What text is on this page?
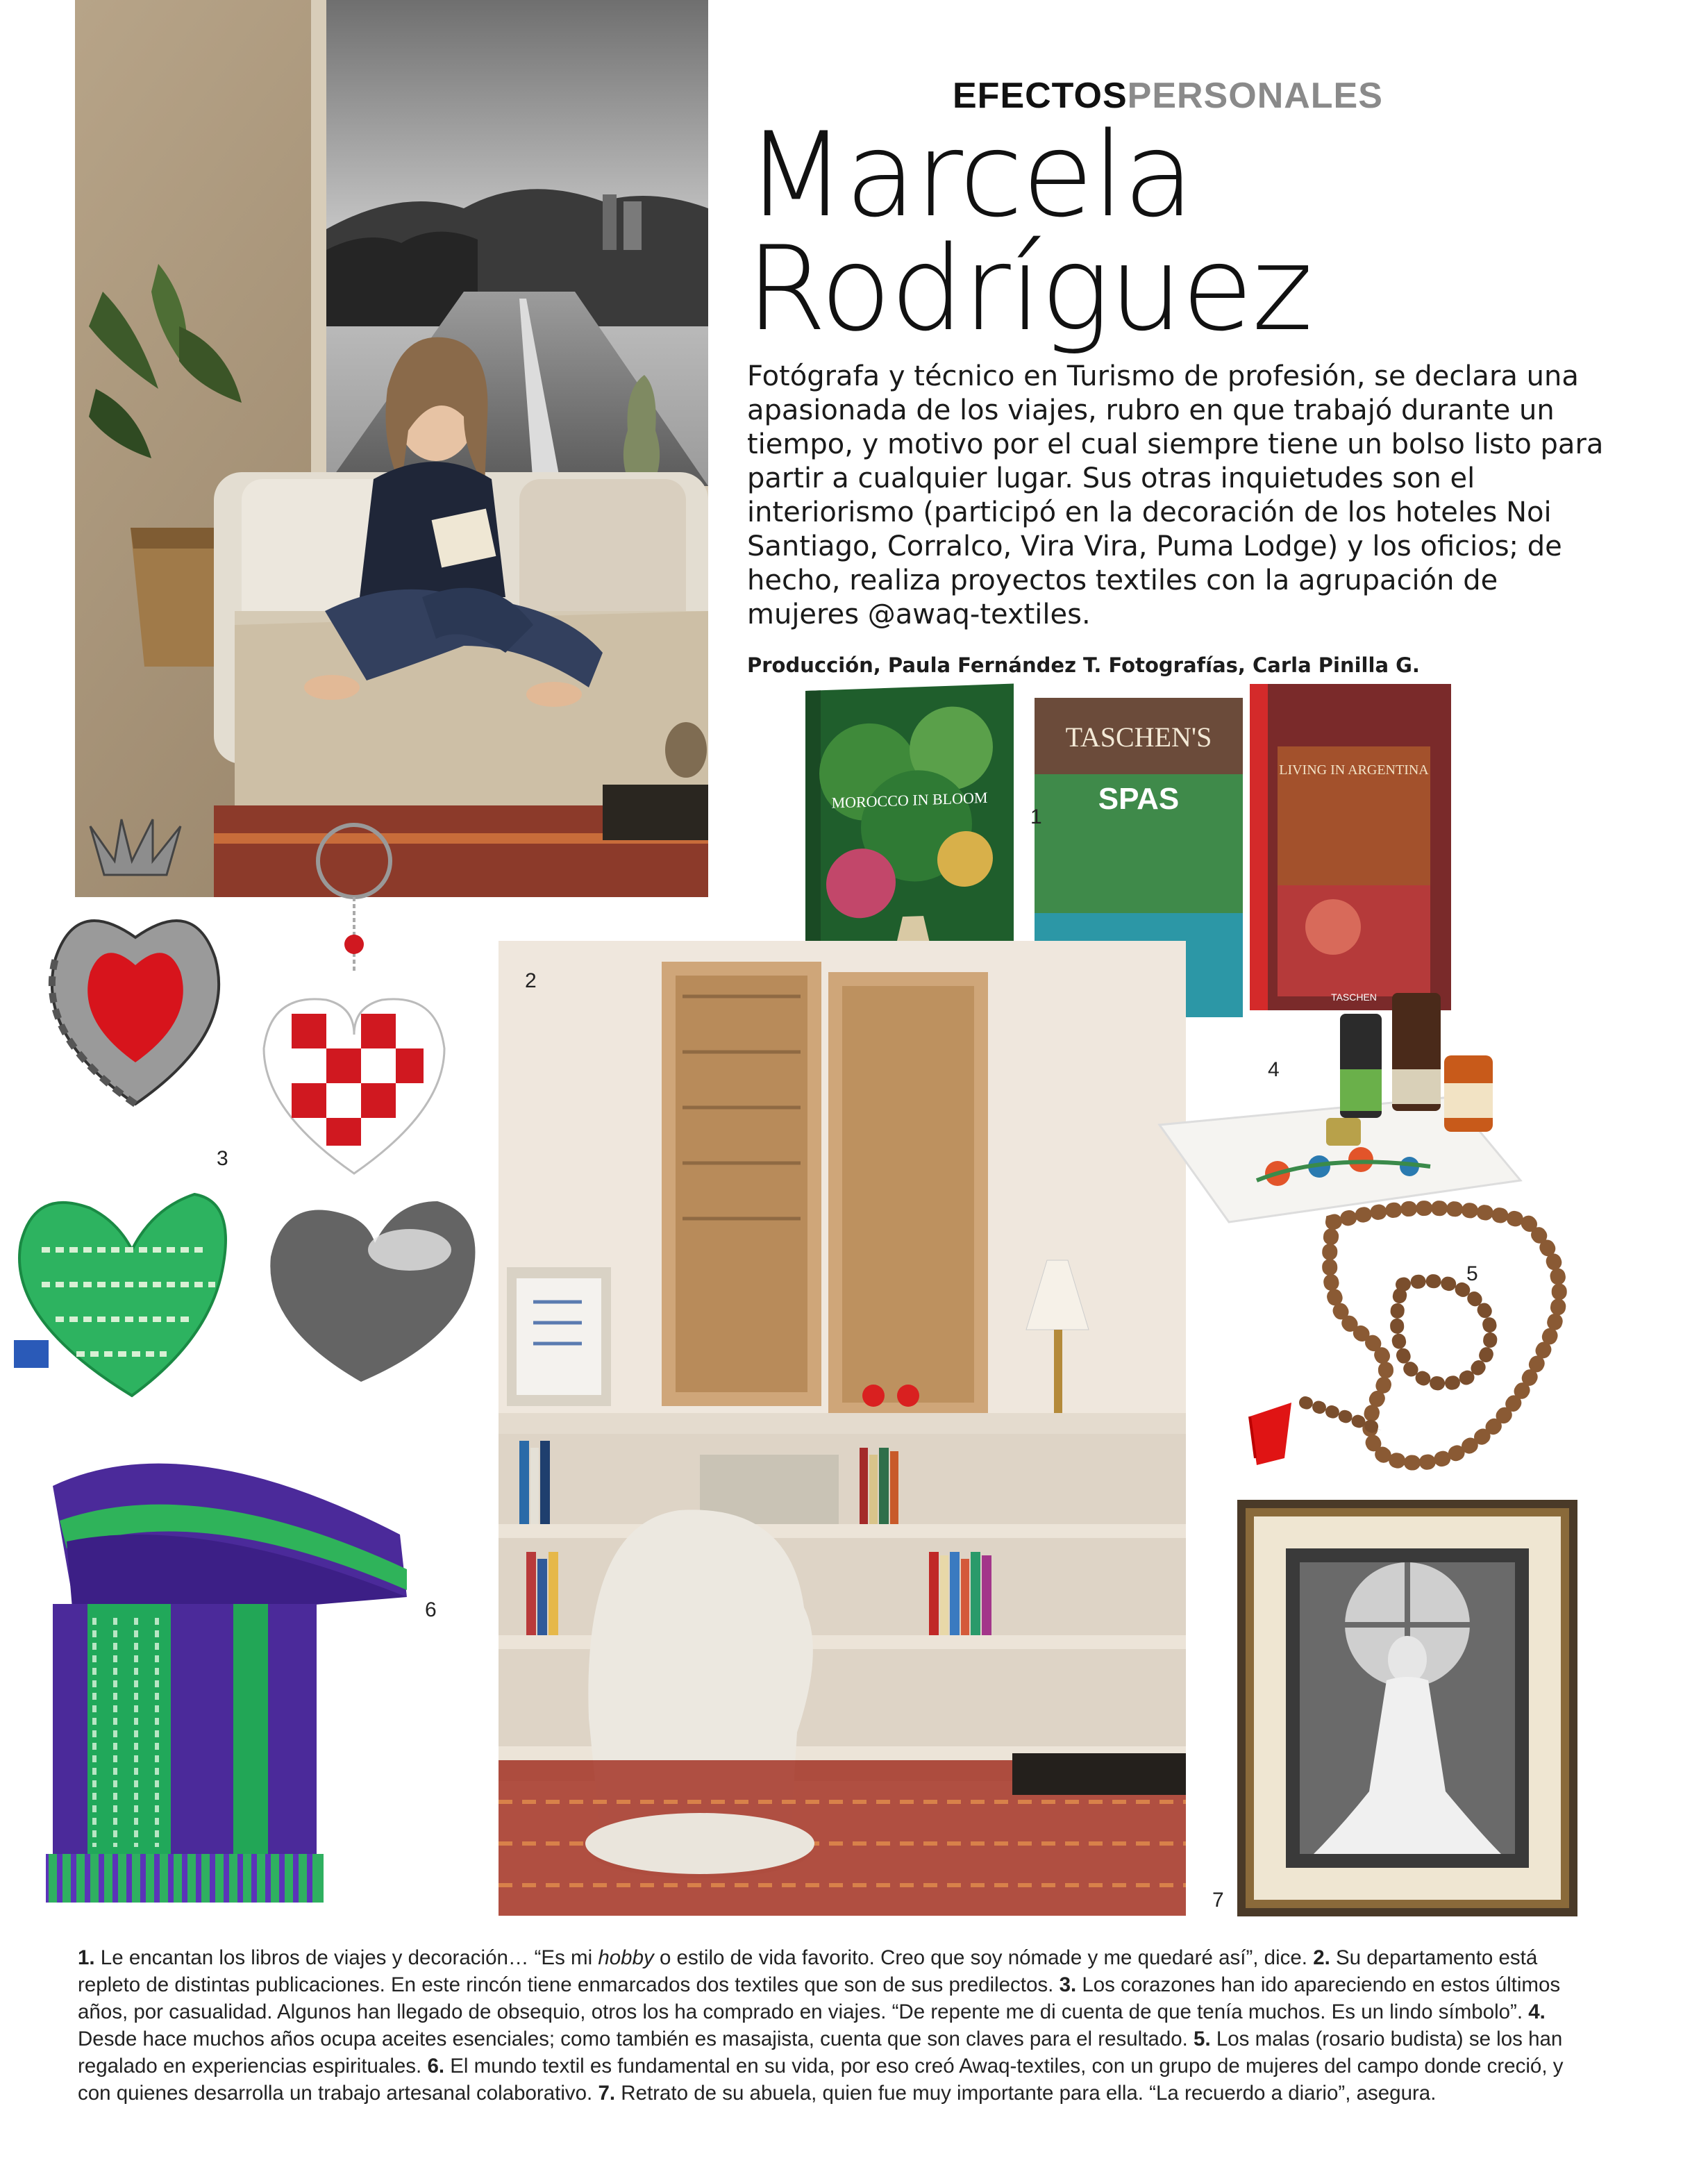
EFECTOSPERSONALES
Marcela
Rodríguez
Fotógrafa y técnico en Turismo de profesión, se declara una apasionada de los viajes, rubro en que trabajó durante un tiempo, y motivo por el cual siempre tiene un bolso listo para partir a cualquier lugar. Sus otras inquietudes son el interiorismo (participó en la decoración de los hoteles Noi Santiago, Corralco, Vira Vira, Puma Lodge) y los oficios; de hecho, realiza proyectos textiles con la agrupación de mujeres @awaq-textiles.
Producción, Paula Fernández T. Fotografías, Carla Pinilla G.
MOROCCO IN BLOOM
TASCHEN'S
SPAS
LIVING IN ARGENTINA
TASCHEN
1
3
2
4
5
6
7
1. Le encantan los libros de viajes y decoración… “Es mi hobby o estilo de vida favorito. Creo que soy nómade y me quedaré así”, dice. 2. Su departamento está repleto de distintas publicaciones. En este rincón tiene enmarcados dos textiles que son de sus predilectos. 3. Los corazones han ido apareciendo en estos últimos años, por casualidad. Algunos han llegado de obsequio, otros los ha comprado en viajes. “De repente me di cuenta de que tenía muchos. Es un lindo símbolo”. 4. Desde hace muchos años ocupa aceites esenciales; como también es masajista, cuenta que son claves para el resultado. 5. Los malas (rosario budista) se los han regalado en experiencias espirituales. 6. El mundo textil es fundamental en su vida, por eso creó Awaq-textiles, con un grupo de mujeres del campo donde creció, y con quienes desarrolla un trabajo artesanal colaborativo. 7. Retrato de su abuela, quien fue muy importante para ella. “La recuerdo a diario”, asegura.
